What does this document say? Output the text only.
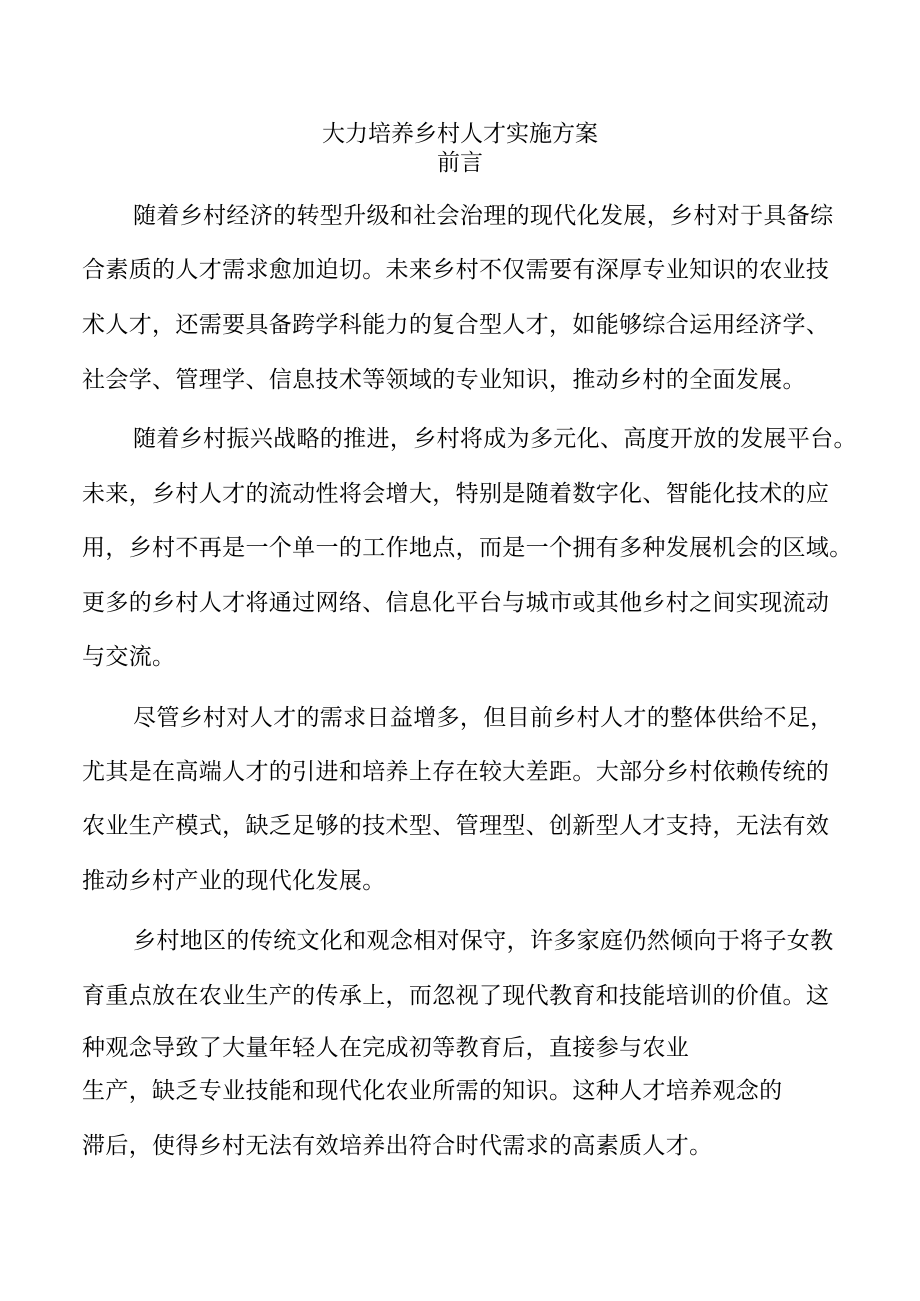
大力培养乡村人才实施方案
前言
随着乡村经济的转型升级和社会治理的现代化发展，乡村对于具备综
合素质的人才需求愈加迫切。未来乡村不仅需要有深厚专业知识的农业技
术人才，还需要具备跨学科能力的复合型人才，如能够综合运用经济学、
社会学、管理学、信息技术等领域的专业知识，推动乡村的全面发展。
随着乡村振兴战略的推进，乡村将成为多元化、高度开放的发展平台。
未来，乡村人才的流动性将会增大，特别是随着数字化、智能化技术的应
用，乡村不再是一个单一的工作地点，而是一个拥有多种发展机会的区域。
更多的乡村人才将通过网络、信息化平台与城市或其他乡村之间实现流动
与交流。
尽管乡村对人才的需求日益增多，但目前乡村人才的整体供给不足，
尤其是在高端人才的引进和培养上存在较大差距。大部分乡村依赖传统的
农业生产模式，缺乏足够的技术型、管理型、创新型人才支持，无法有效
推动乡村产业的现代化发展。
乡村地区的传统文化和观念相对保守，许多家庭仍然倾向于将子女教
育重点放在农业生产的传承上，而忽视了现代教育和技能培训的价值。这
种观念导致了大量年轻人在完成初等教育后，直接参与农业
生产，缺乏专业技能和现代化农业所需的知识。这种人才培养观念的
滞后，使得乡村无法有效培养出符合时代需求的高素质人才。
